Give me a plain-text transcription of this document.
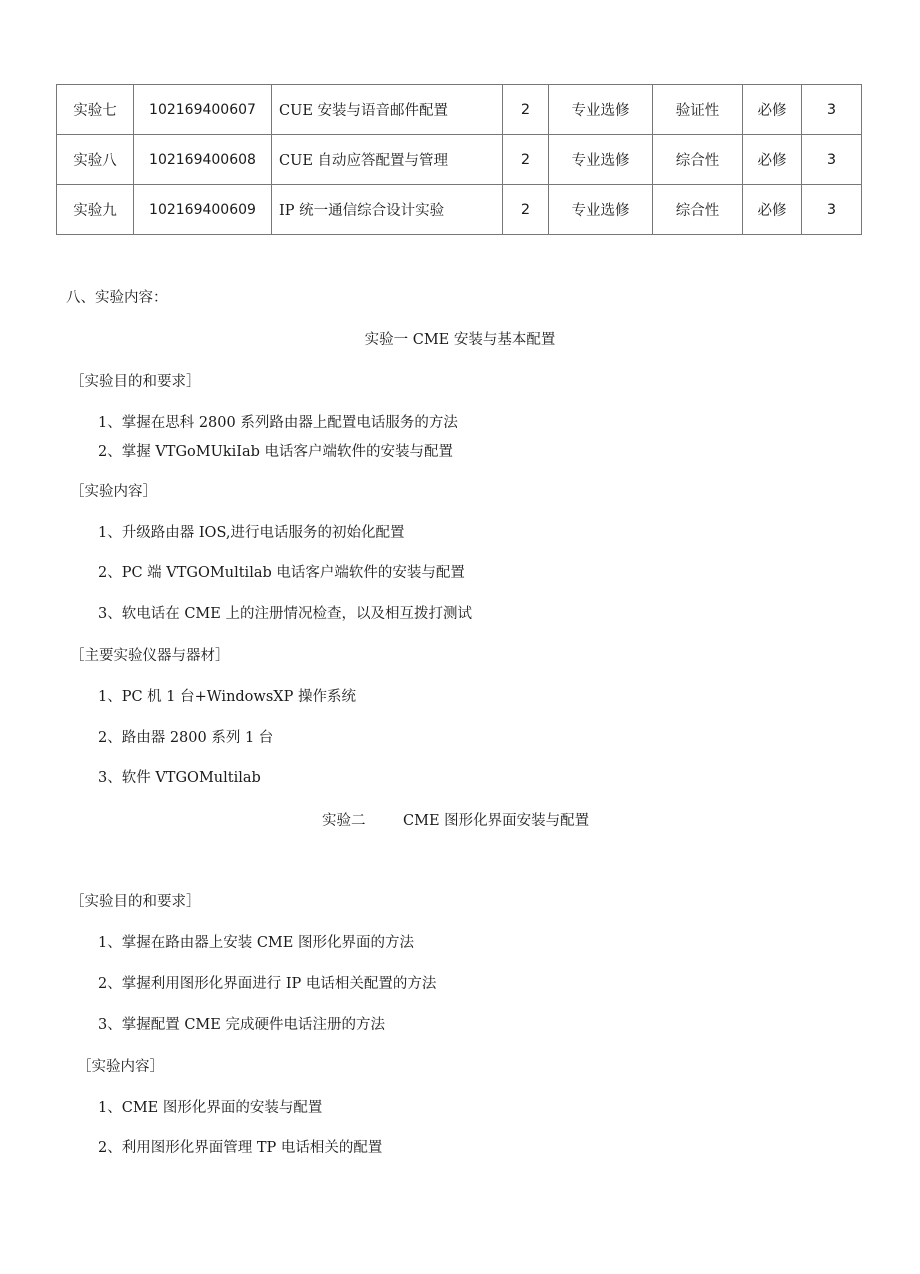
实验七	102169400607	CUE 安装与语音邮件配置	2	专业选修	验证性	必修	3
实验八	102169400608	CUE 自动应答配置与管理	2	专业选修	综合性	必修	3
实验九	102169400609	IP 统一通信综合设计实验	2	专业选修	综合性	必修	3
八、实验内容：
实验一 CME 安装与基本配置
［实验目的和要求］
1、掌握在思科 2800 系列路由器上配置电话服务的方法
2、掌握 VTGoMUkiIab 电话客户端软件的安装与配置
［实验内容］
1、升级路由器 IOS,进行电话服务的初始化配置
2、PC 端 VTGOMultilab 电话客户端软件的安装与配置
3、软电话在 CME 上的注册情况检查，以及相互拨打测试
［主要实验仪器与器材］
1、PC 机 1 台+WindowsXP 操作系统
2、路由器 2800 系列 1 台
3、软件 VTGOMultilab
实验二	CME 图形化界面安装与配置
［实验目的和要求］
1、掌握在路由器上安装 CME 图形化界面的方法
2、掌握利用图形化界面进行 IP 电话相关配置的方法
3、掌握配置 CME 完成硬件电话注册的方法
［实验内容］
1、CME 图形化界面的安装与配置
2、利用图形化界面管理 TP 电话相关的配置
